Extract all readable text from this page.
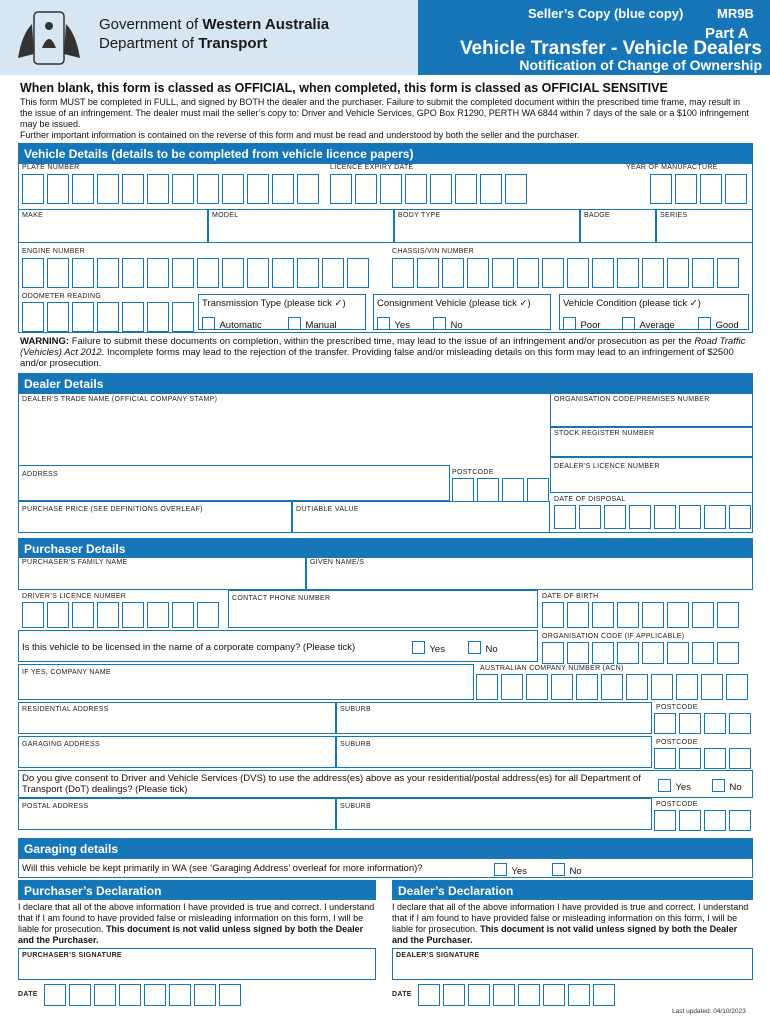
Government of Western Australia
Department of Transport
Seller’s Copy (blue copy)	MR9B
Part A
Vehicle Transfer - Vehicle Dealers
Notification of Change of Ownership
When blank, this form is classed as OFFICIAL, when completed, this form is classed as OFFICIAL SENSITIVE
This form MUST be completed in FULL, and signed by BOTH the dealer and the purchaser. Failure to submit the completed document within the prescribed time frame, may result in the issue of an infringement. The dealer must mail the seller’s copy to: Driver and Vehicle Services, GPO Box R1290, PERTH WA 6844 within 7 days of the sale or a $100 infringement may be issued.
Further important information is contained on the reverse of this form and must be read and understood by both the seller and the purchaser.
Vehicle Details (details to be completed from vehicle licence papers)
PLATE NUMBER	LICENCE EXPIRY DATE	YEAR OF MANUFACTURE
MAKE	MODEL	BODY TYPE	BADGE	SERIES
ENGINE NUMBER	CHASSIS/VIN NUMBER
ODOMETER READING
Transmission Type (please tick ✓)
Automatic	Manual
Consignment Vehicle (please tick ✓)
Yes	No
Vehicle Condition (please tick ✓)
Poor	Average	Good
WARNING: Failure to submit these documents on completion, within the prescribed time, may lead to the issue of an infringement and/or prosecution as per the Road Traffic (Vehicles) Act 2012. Incomplete forms may lead to the rejection of the transfer. Providing false and/or misleading details on this form may lead to an infringement of $2500 and/or prosecution.
Dealer Details
DEALER’S TRADE NAME (OFFICIAL COMPANY STAMP)	ORGANISATION CODE/PREMISES NUMBER
STOCK REGISTER NUMBER
DEALER’S LICENCE NUMBER
ADDRESS	POSTCODE
DATE OF DISPOSAL
PURCHASE PRICE (SEE DEFINITIONS OVERLEAF)	DUTIABLE VALUE
Purchaser Details
PURCHASER’S FAMILY NAME	GIVEN NAME/S
DRIVER’S LICENCE NUMBER	CONTACT PHONE NUMBER	DATE OF BIRTH
Is this vehicle to be licensed in the name of a corporate company? (Please tick)	Yes	No
ORGANISATION CODE (IF APPLICABLE)
IF YES, COMPANY NAME
AUSTRALIAN COMPANY NUMBER (ACN)
RESIDENTIAL ADDRESS	SUBURB	POSTCODE
GARAGING ADDRESS	SUBURB	POSTCODE
Do you give consent to Driver and Vehicle Services (DVS) to use the address(es) above as your residential/postal address(es) for all Department of Transport (DoT) dealings? (Please tick)	Yes	No
POSTAL ADDRESS	SUBURB	POSTCODE
Garaging details
Will this vehicle be kept primarily in WA (see ‘Garaging Address’ overleaf for more information)?	Yes	No
Purchaser’s Declaration
I declare that all of the above information I have provided is true and correct. I understand that if I am found to have provided false or misleading information on this form, I will be liable for prosecution. This document is not valid unless signed by both the Dealer and the Purchaser.
PURCHASER’S SIGNATURE
DATE
Dealer’s Declaration
I declare that all of the above information I have provided is true and correct. I understand that if I am found to have provided false or misleading information on this form, I will be liable for prosecution. This document is not valid unless signed by both the Dealer and the Purchaser.
DEALER’S SIGNATURE
DATE
Last updated: 04/10/2023
